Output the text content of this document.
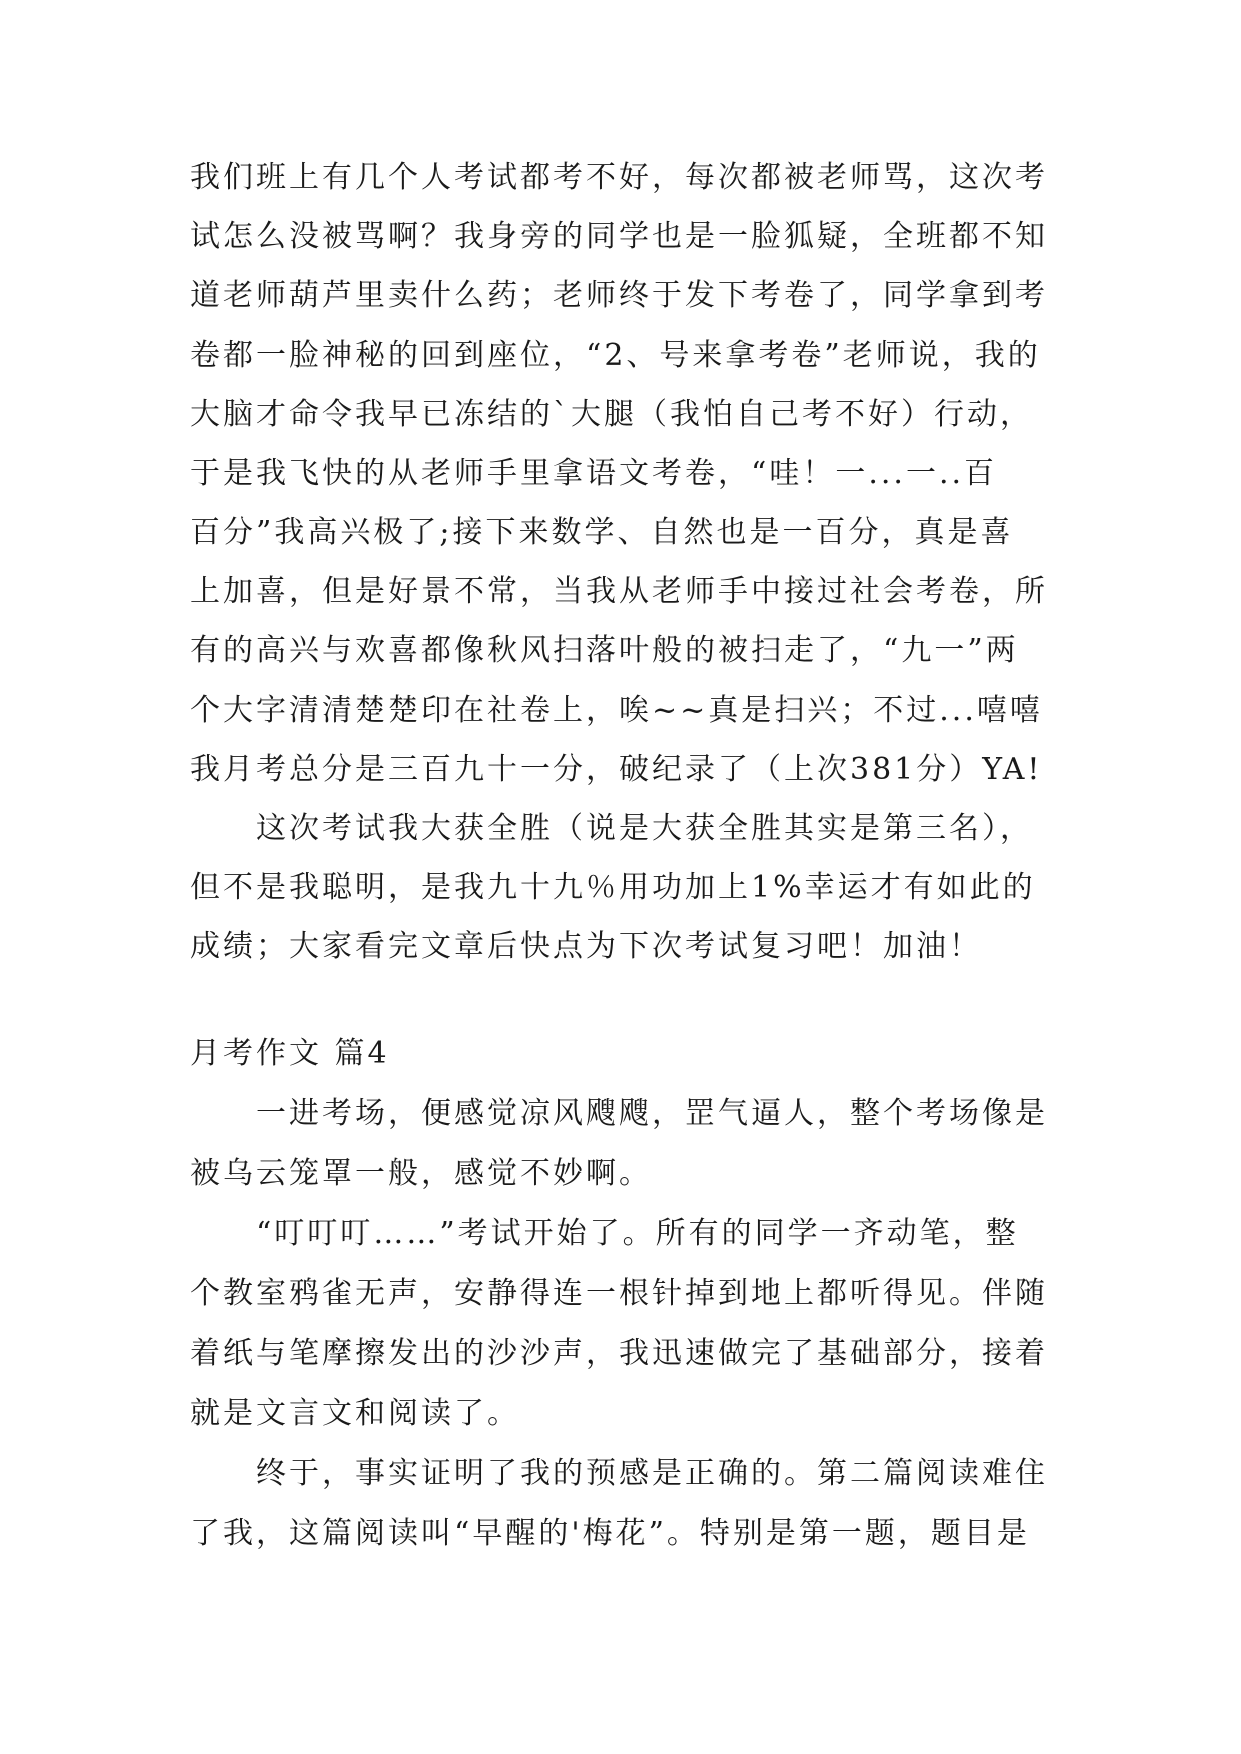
我们班上有几个人考试都考不好，每次都被老师骂，这次考
试怎么没被骂啊？我身旁的同学也是一脸狐疑，全班都不知
道老师葫芦里卖什么药；老师终于发下考卷了，同学拿到考
卷都一脸神秘的回到座位，“2、号来拿考卷”老师说，我的
大脑才命令我早已冻结的`大腿（我怕自己考不好）行动，
于是我飞快的从老师手里拿语文考卷，“哇！一...一..百
百分”我高兴极了;接下来数学、自然也是一百分，真是喜
上加喜，但是好景不常，当我从老师手中接过社会考卷，所
有的高兴与欢喜都像秋风扫落叶般的被扫走了，“九一”两
个大字清清楚楚印在社卷上，唉~~真是扫兴；不过...嘻嘻
我月考总分是三百九十一分，破纪录了（上次381分）YA!
这次考试我大获全胜（说是大获全胜其实是第三名），
但不是我聪明，是我九十九％用功加上1%幸运才有如此的
成绩；大家看完文章后快点为下次考试复习吧！加油！
月考作文 篇4
一进考场，便感觉凉风飕飕，罡气逼人，整个考场像是
被乌云笼罩一般，感觉不妙啊。
“叮叮叮……”考试开始了。所有的同学一齐动笔，整
个教室鸦雀无声，安静得连一根针掉到地上都听得见。伴随
着纸与笔摩擦发出的沙沙声，我迅速做完了基础部分，接着
就是文言文和阅读了。
终于，事实证明了我的预感是正确的。第二篇阅读难住
了我，这篇阅读叫“早醒的'梅花”。特别是第一题，题目是
